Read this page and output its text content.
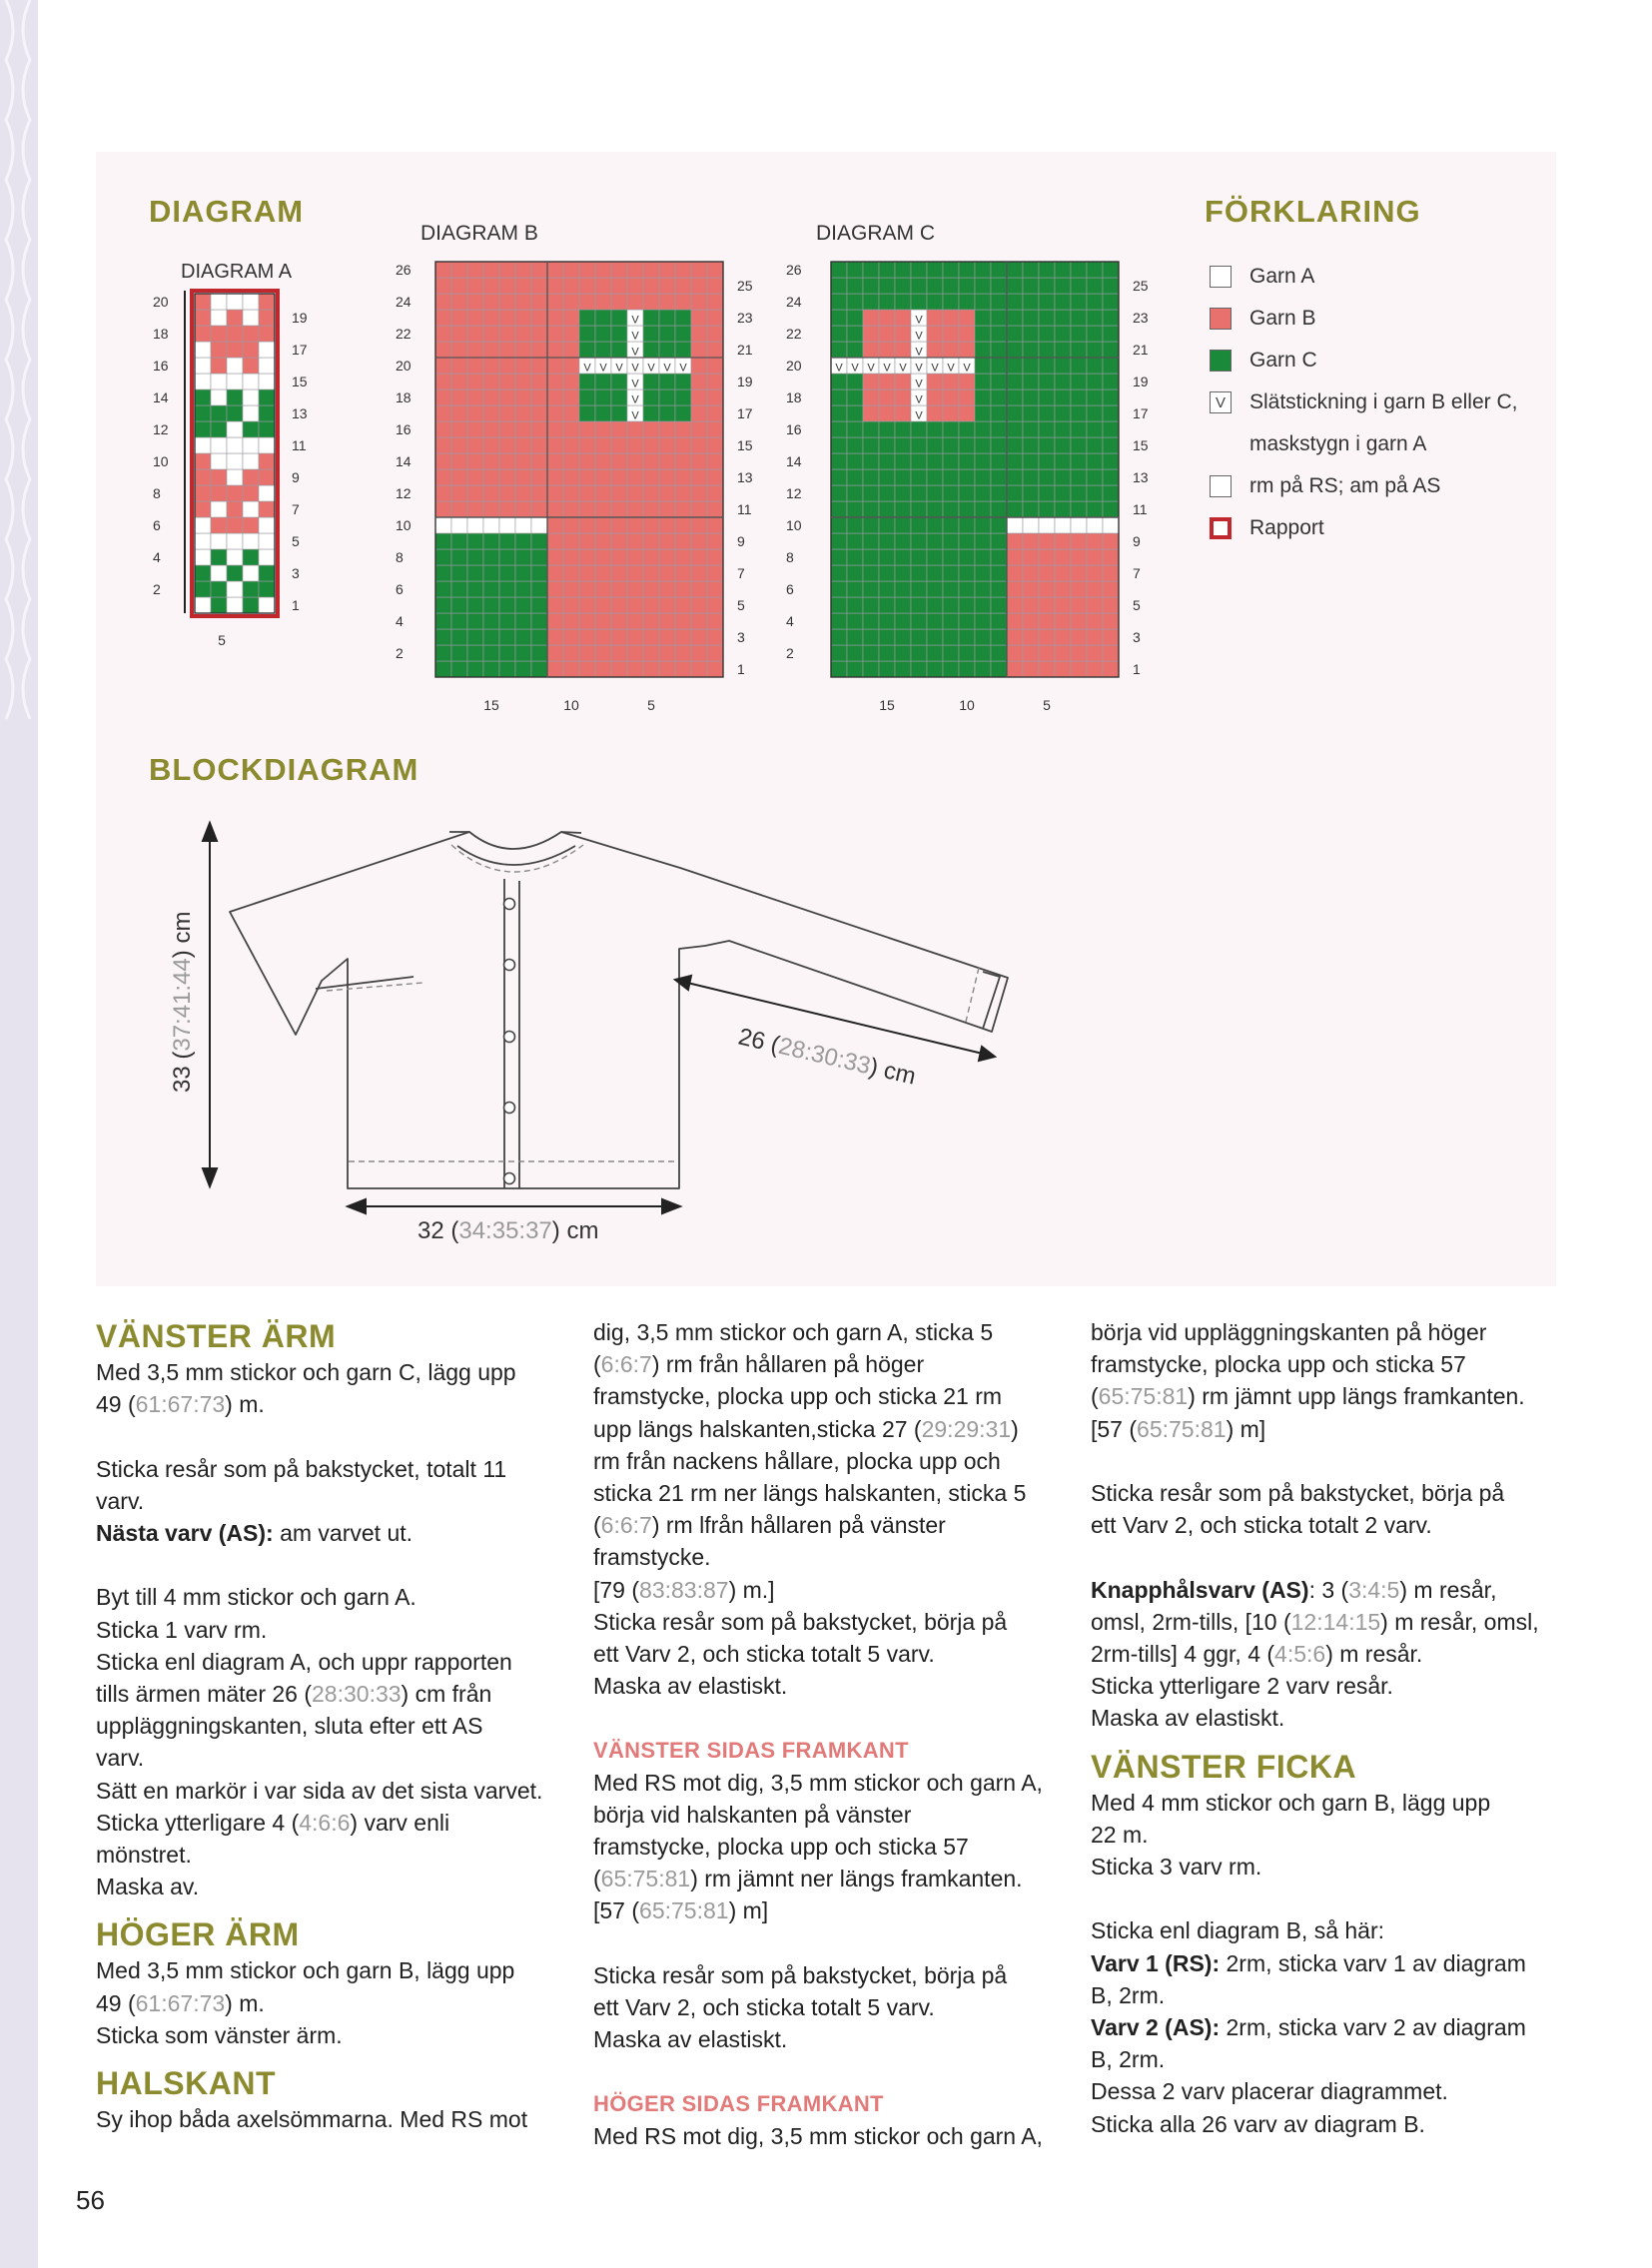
DIAGRAM	FÖRKLARING
BLOCKDIAGRAM
V
V
V
V V V V V V V
V
V
V
DIAGRAM B
2
4
6
8
10
12
14
16
18
20
22
24
26
1
3
5
7
9
11
13
15
17
19
21
23
25
15	10	5
V
V
V
V V V V V V V V V
V
V
V
DIAGRAM C
2
4
6
8
10
12
14
16
18
20
22
24
26
1
3
5
7
9
11
13
15
17
19
21
23
25
15	10	5
DIAGRAM A
2
4
6
8
10
12
14
16
18
20
1
3
5
7
9
11
13
15
17
19
5
Garn A
Garn B
Garn C
V Slätstickning i garn B eller C,
maskstygn i garn A
rm på RS; am på AS
Rapport
33 (37:41:44) cm
26 (28:30:33) cm
32 (34:35:37) cm
VÄNSTER ÄRM
Med 3,5 mm stickor och garn C, lägg upp
49 (61:67:73) m.
Sticka resår som på bakstycket, totalt 11
varv.
Nästa varv (AS): am varvet ut.
Byt till 4 mm stickor och garn A.
Sticka 1 varv rm.
Sticka enl diagram A, och uppr rapporten
tills ärmen mäter 26 (28:30:33) cm från
uppläggningskanten, sluta efter ett AS
varv.
Sätt en markör i var sida av det sista varvet.
Sticka ytterligare 4 (4:6:6) varv enli
mönstret.
Maska av.
HÖGER ÄRM
Med 3,5 mm stickor och garn B, lägg upp
49 (61:67:73) m.
Sticka som vänster ärm.
HALSKANT
Sy ihop båda axelsömmarna. Med RS mot
dig, 3,5 mm stickor och garn A, sticka 5
(6:6:7) rm från hållaren på höger
framstycke, plocka upp och sticka 21 rm
upp längs halskanten,sticka 27 (29:29:31)
rm från nackens hållare, plocka upp och
sticka 21 rm ner längs halskanten, sticka 5
(6:6:7) rm lfrån hållaren på vänster
framstycke.
[79 (83:83:87) m.]
Sticka resår som på bakstycket, börja på
ett Varv 2, och sticka totalt 5 varv.
Maska av elastiskt.
VÄNSTER SIDAS FRAMKANT
Med RS mot dig, 3,5 mm stickor och garn A,
börja vid halskanten på vänster
framstycke, plocka upp och sticka 57
(65:75:81) rm jämnt ner längs framkanten.
[57 (65:75:81) m]
Sticka resår som på bakstycket, börja på
ett Varv 2, och sticka totalt 5 varv.
Maska av elastiskt.
HÖGER SIDAS FRAMKANT
Med RS mot dig, 3,5 mm stickor och garn A,
börja vid uppläggningskanten på höger
framstycke, plocka upp och sticka 57
(65:75:81) rm jämnt upp längs framkanten.
[57 (65:75:81) m]
Sticka resår som på bakstycket, börja på
ett Varv 2, och sticka totalt 2 varv.
Knapphålsvarv (AS): 3 (3:4:5) m resår,
omsl, 2rm-tills, [10 (12:14:15) m resår, omsl,
2rm-tills] 4 ggr, 4 (4:5:6) m resår.
Sticka ytterligare 2 varv resår.
Maska av elastiskt.
VÄNSTER FICKA
Med 4 mm stickor och garn B, lägg upp
22 m.
Sticka 3 varv rm.
Sticka enl diagram B, så här:
Varv 1 (RS): 2rm, sticka varv 1 av diagram
B, 2rm.
Varv 2 (AS): 2rm, sticka varv 2 av diagram
B, 2rm.
Dessa 2 varv placerar diagrammet.
Sticka alla 26 varv av diagram B.
56
